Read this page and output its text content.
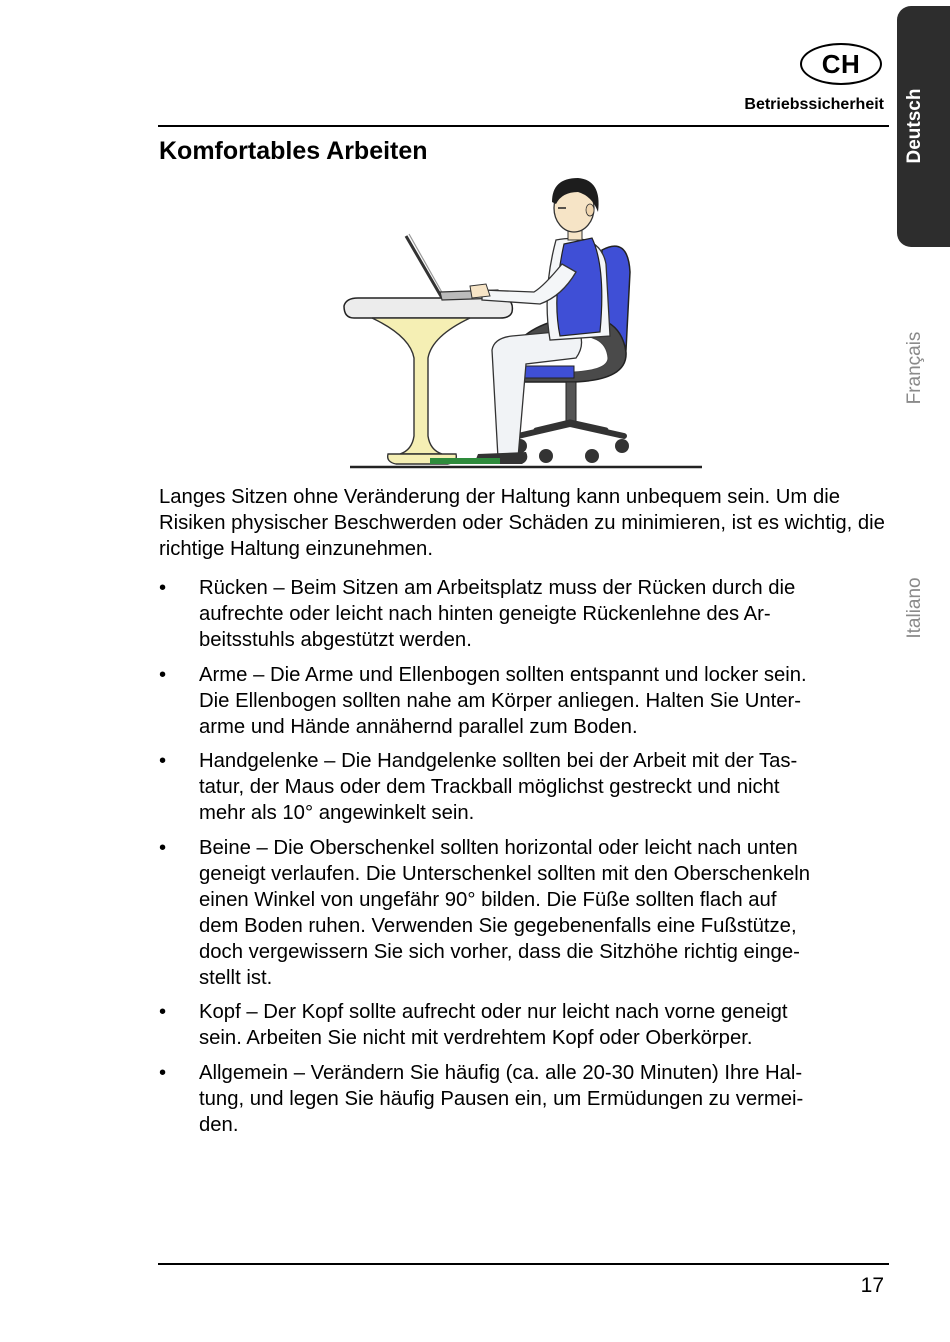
Deutsch
Français
Italiano
CH
Betriebssicherheit
Komfortables Arbeiten

Langes Sitzen ohne Veränderung der Haltung kann unbequem sein. Um die Risiken physischer Beschwerden oder Schäden zu minimieren, ist es wichtig, die richtige Haltung einzunehmen.

• Rücken – Beim Sitzen am Arbeitsplatz muss der Rücken durch die
aufrechte oder leicht nach hinten geneigte Rückenlehne des Ar-
beitsstuhls abgestützt werden.
• Arme – Die Arme und Ellenbogen sollten entspannt und locker sein.
Die Ellenbogen sollten nahe am Körper anliegen. Halten Sie Unter-
arme und Hände annähernd parallel zum Boden.
• Handgelenke – Die Handgelenke sollten bei der Arbeit mit der Tas-
tatur, der Maus oder dem Trackball möglichst gestreckt und nicht
mehr als 10° angewinkelt sein.
• Beine – Die Oberschenkel sollten horizontal oder leicht nach unten
geneigt verlaufen. Die Unterschenkel sollten mit den Oberschenkeln
einen Winkel von ungefähr 90° bilden. Die Füße sollten flach auf
dem Boden ruhen. Verwenden Sie gegebenenfalls eine Fußstütze,
doch vergewissern Sie sich vorher, dass die Sitzhöhe richtig einge-
stellt ist.
• Kopf – Der Kopf sollte aufrecht oder nur leicht nach vorne geneigt
sein. Arbeiten Sie nicht mit verdrehtem Kopf oder Oberkörper.
• Allgemein – Verändern Sie häufig (ca. alle 20-30 Minuten) Ihre Hal-
tung, und legen Sie häufig Pausen ein, um Ermüdungen zu vermei-
den.
17
